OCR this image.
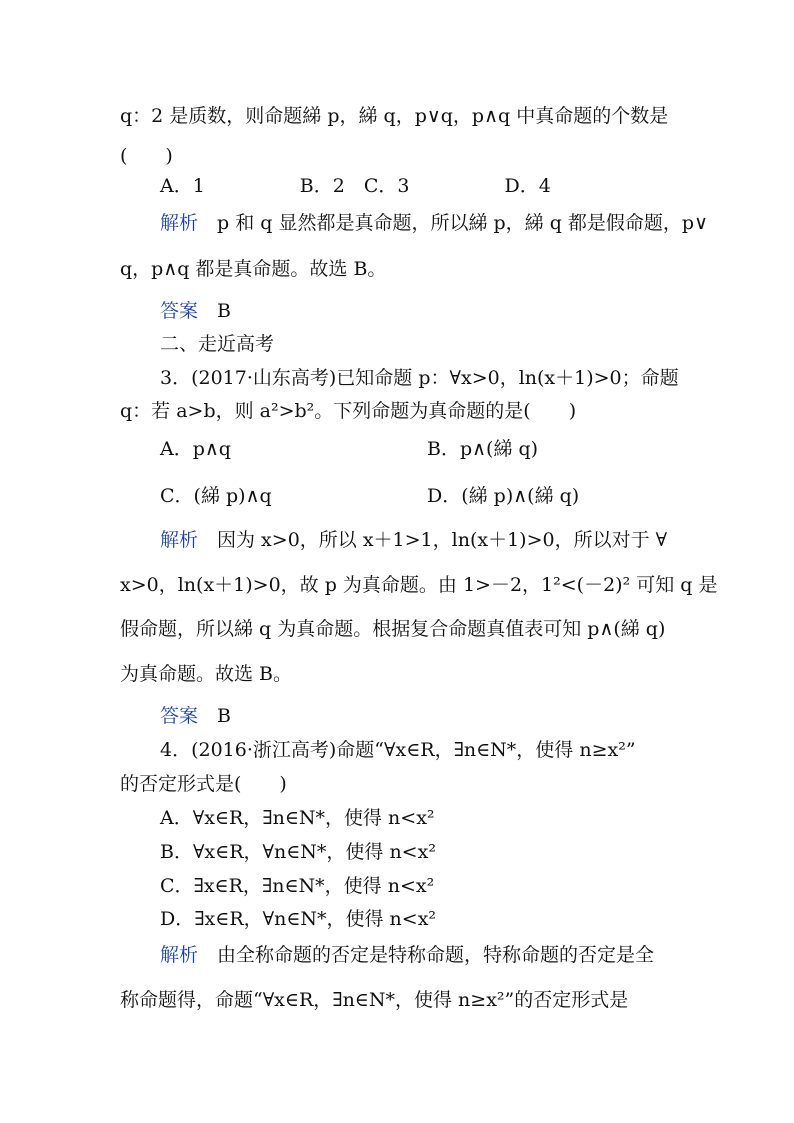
q：2 是质数，则命题綈 p，綈 q，p∨q，p∧q 中真命题的个数是
(　　)
A．1　　　　　B．2　C．3　　　　　D．4
解析　p 和 q 显然都是真命题，所以綈 p，綈 q 都是假命题，p∨
q，p∧q 都是真命题。故选 B。
答案　B
二、走近高考
3．(2017·山东高考)已知命题 p：∀x>0，ln(x＋1)>0；命题
q：若 a>b，则 a²>b²。下列命题为真命题的是(　　)
A．p∧q	B．p∧(綈 q)
C．(綈 p)∧q	D．(綈 p)∧(綈 q)
解析　因为 x>0，所以 x＋1>1，ln(x＋1)>0，所以对于 ∀
x>0，ln(x＋1)>0，故 p 为真命题。由 1>－2，1²<(－2)² 可知 q 是
假命题，所以綈 q 为真命题。根据复合命题真值表可知 p∧(綈 q)
为真命题。故选 B。
答案　B
4．(2016·浙江高考)命题“∀x∈R，∃n∈N*，使得 n≥x²”
的否定形式是(　　)
A．∀x∈R，∃n∈N*，使得 n<x²
B．∀x∈R，∀n∈N*，使得 n<x²
C．∃x∈R，∃n∈N*，使得 n<x²
D．∃x∈R，∀n∈N*，使得 n<x²
解析　由全称命题的否定是特称命题，特称命题的否定是全
称命题得，命题“∀x∈R，∃n∈N*，使得 n≥x²”的否定形式是
